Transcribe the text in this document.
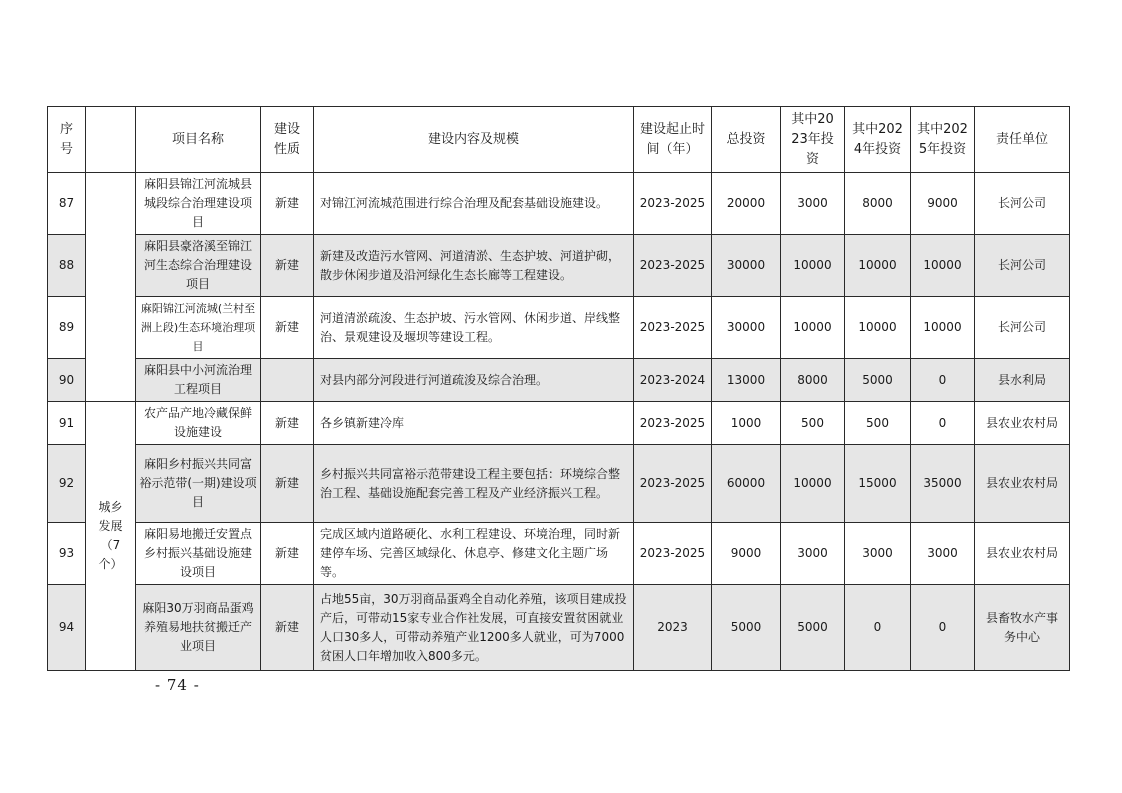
序号		项目名称	建设性质	建设内容及规模	建设起止时间（年）	总投资	其中2023年投资	其中2024年投资	其中2025年投资	责任单位
87		麻阳县锦江河流城县城段综合治理建设项目	新建	对锦江河流城范围进行综合治理及配套基础设施建设。	2023-2025	20000	3000	8000	9000	长河公司
88		麻阳县豪洛溪至锦江河生态综合治理建设项目	新建	新建及改造污水管网、河道清淤、生态护坡、河道护砌，散步休闲步道及沿河绿化生态长廊等工程建设。	2023-2025	30000	10000	10000	10000	长河公司
89		麻阳锦江河流城(兰村至洲上段)生态环境治理项目	新建	河道清淤疏浚、生态护坡、污水管网、休闲步道、岸线整治、景观建设及堰坝等建设工程。	2023-2025	30000	10000	10000	10000	长河公司
90		麻阳县中小河流治理工程项目		对县内部分河段进行河道疏浚及综合治理。	2023-2024	13000	8000	5000	0	县水利局
91	城乡发展（7个）	农产品产地冷藏保鲜设施建设	新建	各乡镇新建冷库	2023-2025	1000	500	500	0	县农业农村局
92		麻阳乡村振兴共同富裕示范带(一期)建设项目	新建	乡村振兴共同富裕示范带建设工程主要包括：环境综合整治工程、基础设施配套完善工程及产业经济振兴工程。	2023-2025	60000	10000	15000	35000	县农业农村局
93		麻阳易地搬迁安置点乡村振兴基础设施建设项目	新建	完成区域内道路硬化、水利工程建设、环境治理，同时新建停车场、完善区域绿化、休息亭、修建文化主题广场等。	2023-2025	9000	3000	3000	3000	县农业农村局
94		麻阳30万羽商品蛋鸡养殖易地扶贫搬迁产业项目	新建	占地55亩，30万羽商品蛋鸡全自动化养殖，该项目建成投产后，可带动15家专业合作社发展，可直接安置贫困就业人口30多人，可带动养殖产业1200多人就业，可为7000贫困人口年增加收入800多元。	2023	5000	5000	0	0	县畜牧水产事务中心
- 74 -
